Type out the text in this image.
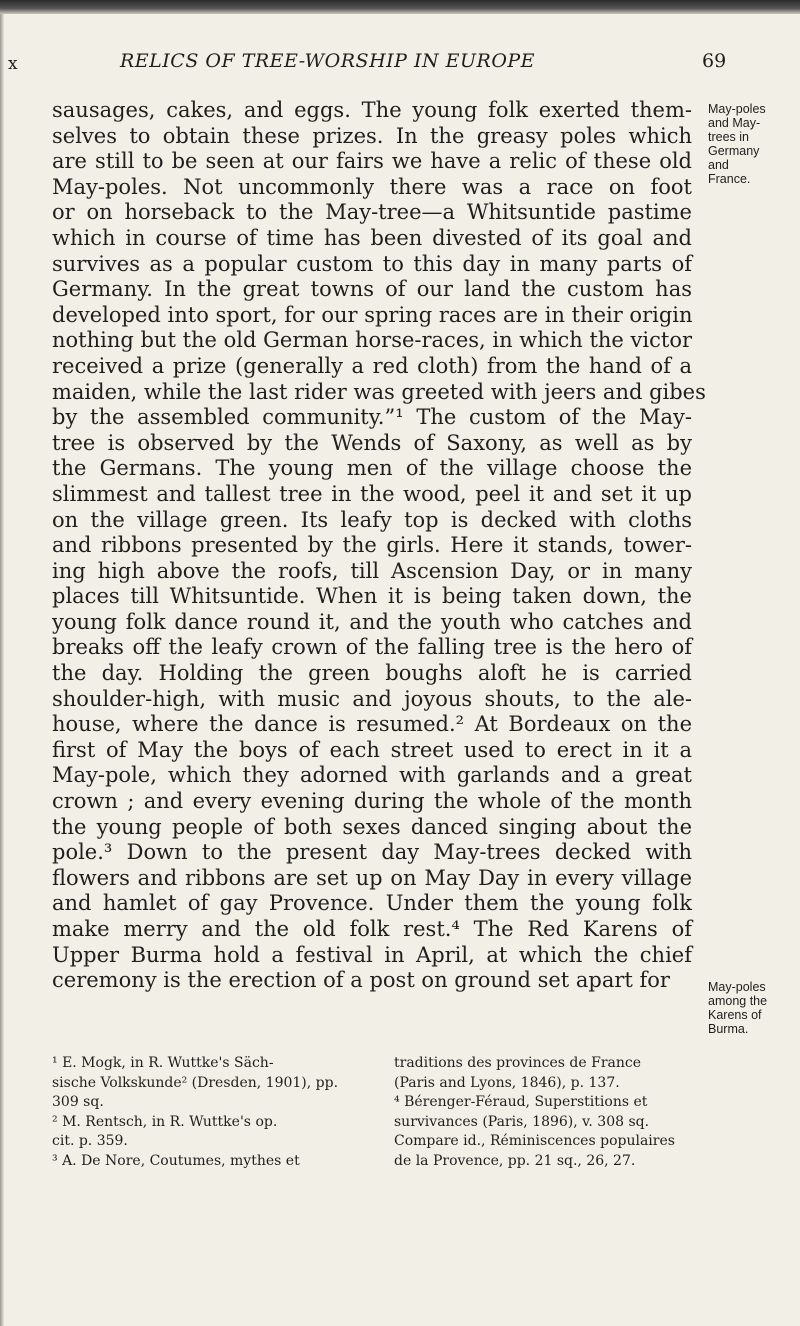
x	RELICS OF TREE-WORSHIP IN EUROPE	69
sausages, cakes, and eggs. The young folk exerted them-
selves to obtain these prizes. In the greasy poles which
are still to be seen at our fairs we have a relic of these old
May-poles. Not uncommonly there was a race on foot
or on horseback to the May-tree—a Whitsuntide pastime
which in course of time has been divested of its goal and
survives as a popular custom to this day in many parts of
Germany. In the great towns of our land the custom has
developed into sport, for our spring races are in their origin
nothing but the old German horse-races, in which the victor
received a prize (generally a red cloth) from the hand of a
maiden, while the last rider was greeted with jeers and gibes
by the assembled community.”¹ The custom of the May-
tree is observed by the Wends of Saxony, as well as by
the Germans. The young men of the village choose the
slimmest and tallest tree in the wood, peel it and set it up
on the village green. Its leafy top is decked with cloths
and ribbons presented by the girls. Here it stands, tower-
ing high above the roofs, till Ascension Day, or in many
places till Whitsuntide. When it is being taken down, the
young folk dance round it, and the youth who catches and
breaks off the leafy crown of the falling tree is the hero of
the day. Holding the green boughs aloft he is carried
shoulder-high, with music and joyous shouts, to the ale-
house, where the dance is resumed.² At Bordeaux on the
first of May the boys of each street used to erect in it a
May-pole, which they adorned with garlands and a great
crown ; and every evening during the whole of the month
the young people of both sexes danced singing about the
pole.³ Down to the present day May-trees decked with
flowers and ribbons are set up on May Day in every village
and hamlet of gay Provence. Under them the young folk
make merry and the old folk rest.⁴ The Red Karens of
Upper Burma hold a festival in April, at which the chief
ceremony is the erection of a post on ground set apart for
May-poles
and May-
trees in
Germany
and
France.
May-poles
among the
Karens of
Burma.
¹ E. Mogk, in R. Wuttke's Säch-
sische Volkskunde² (Dresden, 1901), pp.
309 sq.
² M. Rentsch, in R. Wuttke's op.
cit. p. 359.
³ A. De Nore, Coutumes, mythes et
traditions des provinces de France
(Paris and Lyons, 1846), p. 137.
⁴ Bérenger-Féraud, Superstitions et
survivances (Paris, 1896), v. 308 sq.
Compare id., Réminiscences populaires
de la Provence, pp. 21 sq., 26, 27.
